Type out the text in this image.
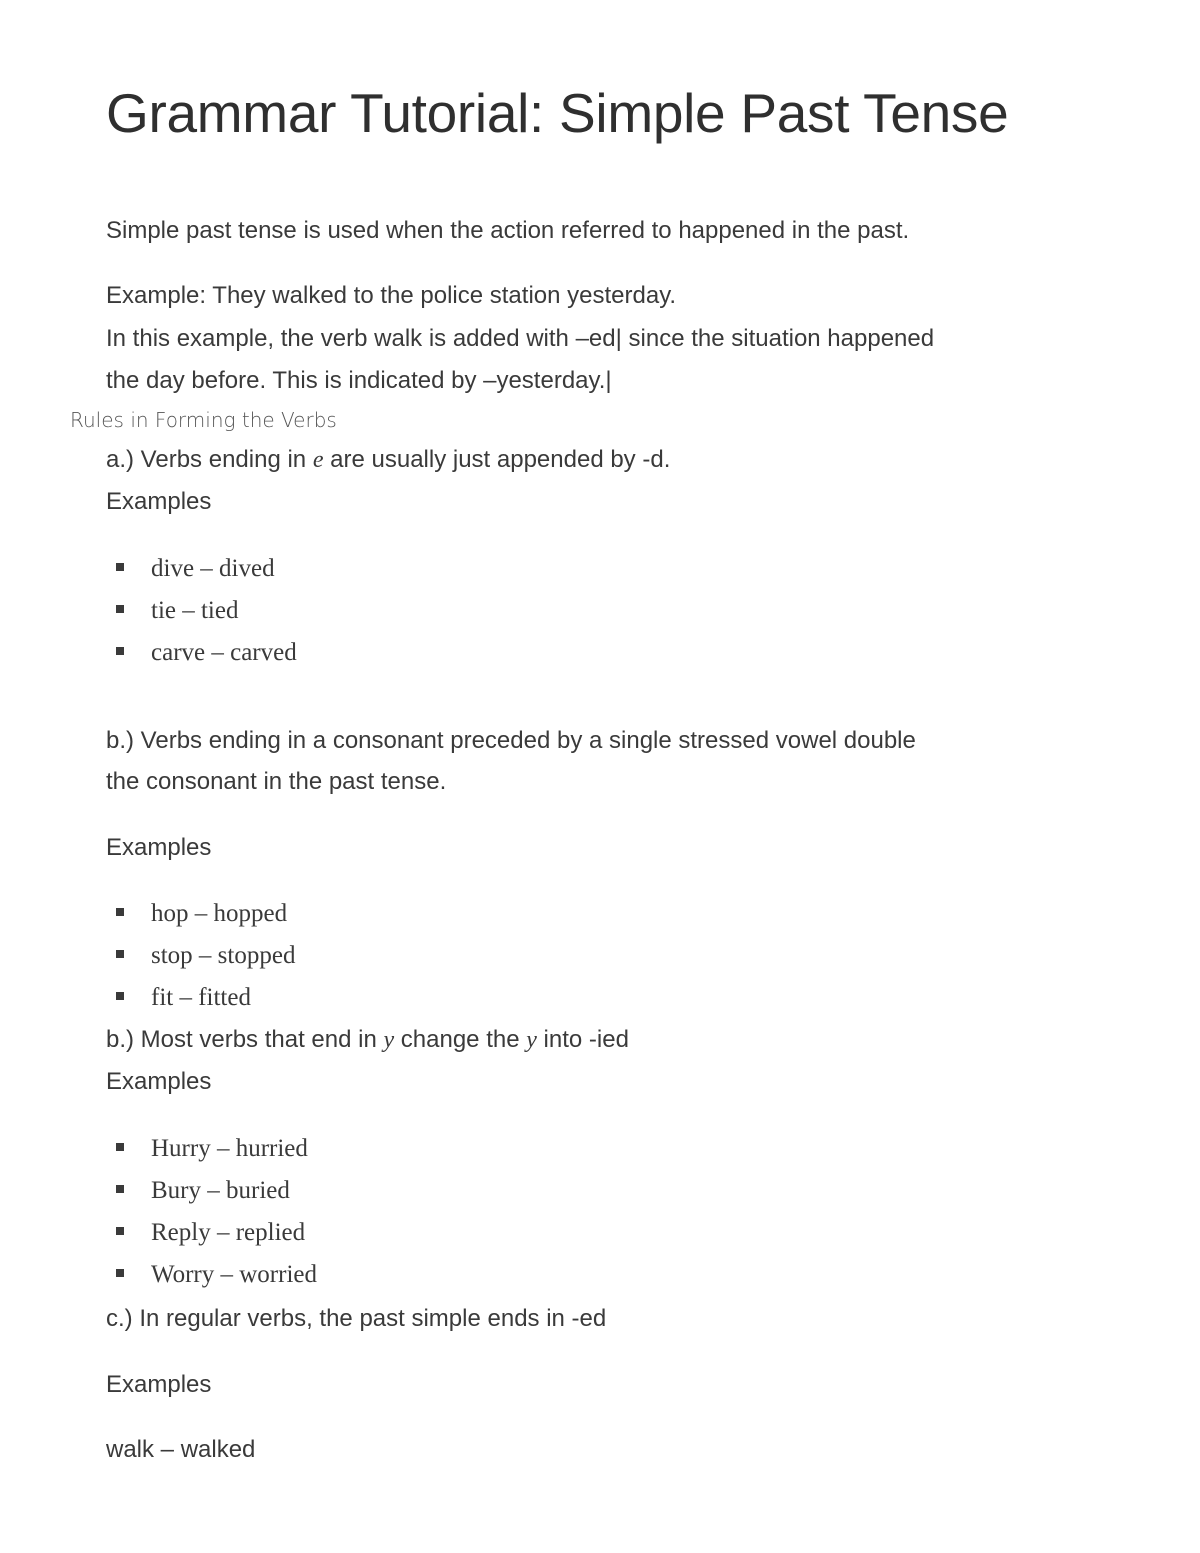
Grammar Tutorial: Simple Past Tense
Simple past tense is used when the action referred to happened in the past.
Example: They walked to the police station yesterday.
In this example, the verb walk is added with ‒ed| since the situation happened
the day before. This is indicated by ‒yesterday.|
Rules in Forming the Verbs
a.) Verbs ending in e are usually just appended by -d.
Examples
dive – dived
tie – tied
carve – carved
b.) Verbs ending in a consonant preceded by a single stressed vowel double
the consonant in the past tense.
Examples
hop – hopped
stop – stopped
fit – fitted
b.) Most verbs that end in y change the y into -ied
Examples
Hurry – hurried
Bury – buried
Reply – replied
Worry – worried
c.) In regular verbs, the past simple ends in -ed
Examples
walk – walked
